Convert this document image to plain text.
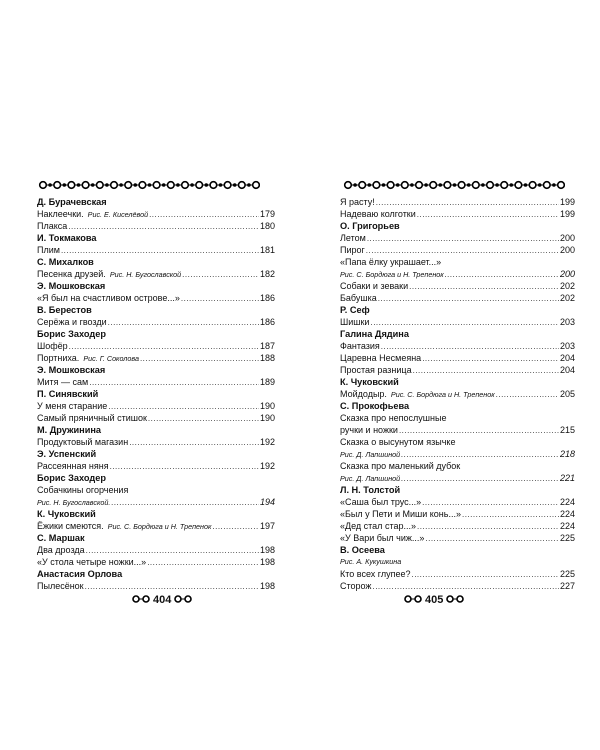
Д. Бурачевская
Наклеечки. Рис. Е. Киселёвой .....	179
Плакса .....	180
И. Токмакова
Плим .....	181
С. Михалков
Песенка друзей. Рис. Н. Бугославской .....	182
Э. Мошковская
«Я был на счастливом острове...» .....	186
В. Берестов
Серёжа и гвозди .....	186
Борис Заходер
Шофёр .....	187
Портниха. Рис. Г. Соколова .....	188
Э. Мошковская
Митя — сам .....	189
П. Синявский
У меня старание .....	190
Самый пряничный стишок .....	190
М. Дружинина
Продуктовый магазин .....	192
Э. Успенский
Рассеянная няня .....	192
Борис Заходер
Собачкины огорчения
Рис. Н. Бугославской. .....	194
К. Чуковский
Ёжики смеются. Рис. С. Бордюга и Н. Трепенок .....	197
С. Маршак
Два дрозда .....	198
«У стола четыре ножки...» .....	198
Анастасия Орлова
Пылесёнок .....	198
404
Я расту! .....	199
Надеваю колготки .....	199
О. Григорьев
Летом .....	200
Пирог .....	200
«Папа ёлку украшает...»
Рис. С. Бордюга и Н. Трепенок .....	200
Собаки и зеваки .....	202
Бабушка .....	202
Р. Сеф
Шишки .....	203
Галина Дядина
Фантазия .....	203
Царевна Несмеяна .....	204
Простая разница .....	204
К. Чуковский
Мойдодыр. Рис. С. Бордюга и Н. Трепенок .....	205
С. Прокофьева
Сказка про непослушные
ручки и ножки .....	215
Сказка о высунутом язычке
Рис. Д. Лапшиной .....	218
Сказка про маленький дубок
Рис. Д. Лапшиной .....	221
Л. Н. Толстой
«Саша был трус...» .....	224
«Был у Пети и Миши конь...» .....	224
«Дед стал стар...» .....	224
«У Вари был чиж...» .....	225
В. Осеева
Рис. А. Кукушкина
Кто всех глупее? .....	225
Сторож .....	227
405
